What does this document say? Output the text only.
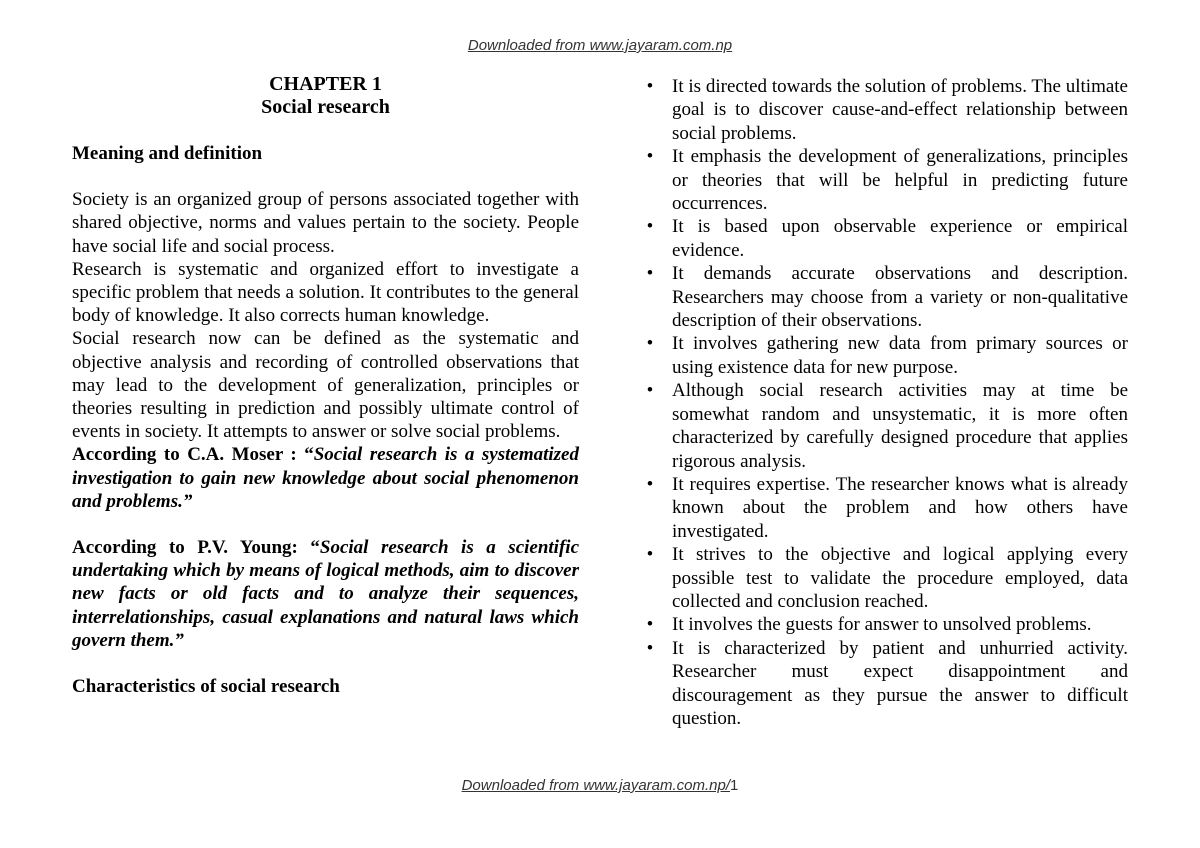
Downloaded from www.jayaram.com.np
CHAPTER 1
Social research
Meaning and definition

Society is an organized group of persons associated together with shared objective, norms and values pertain to the society. People have social life and social process.

Research is systematic and organized effort to investigate a specific problem that needs a solution. It contributes to the general body of knowledge. It also corrects human knowledge.

Social research now can be defined as the systematic and objective analysis and recording of controlled observations that may lead to the development of generalization, principles or theories resulting in prediction and possibly ultimate control of events in society. It attempts to answer or solve social problems.

According to C.A. Moser : “Social research is a systematized investigation to gain new knowledge about social phenomenon and problems.”

According to P.V. Young: “Social research is a scientific undertaking which by means of logical methods, aim to discover new facts or old facts and to analyze their sequences, interrelationships, casual explanations and natural laws which govern them.”

Characteristics of social research
• It is directed towards the solution of problems. The ultimate goal is to discover cause-and-effect relationship between social problems.
• It emphasis the development of generalizations, principles or theories that will be helpful in predicting future occurrences.
• It is based upon observable experience or empirical evidence.
• It demands accurate observations and description. Researchers may choose from a variety or non-qualitative description of their observations.
• It involves gathering new data from primary sources or using existence data for new purpose.
• Although social research activities may at time be somewhat random and unsystematic, it is more often characterized by carefully designed procedure that applies rigorous analysis.
• It requires expertise. The researcher knows what is already known about the problem and how others have investigated.
• It strives to the objective and logical applying every possible test to validate the procedure employed, data collected and conclusion reached.
• It involves the guests for answer to unsolved problems.
• It is characterized by patient and unhurried activity. Researcher must expect disappointment and discouragement as they pursue the answer to difficult question.
Downloaded from www.jayaram.com.np/1
